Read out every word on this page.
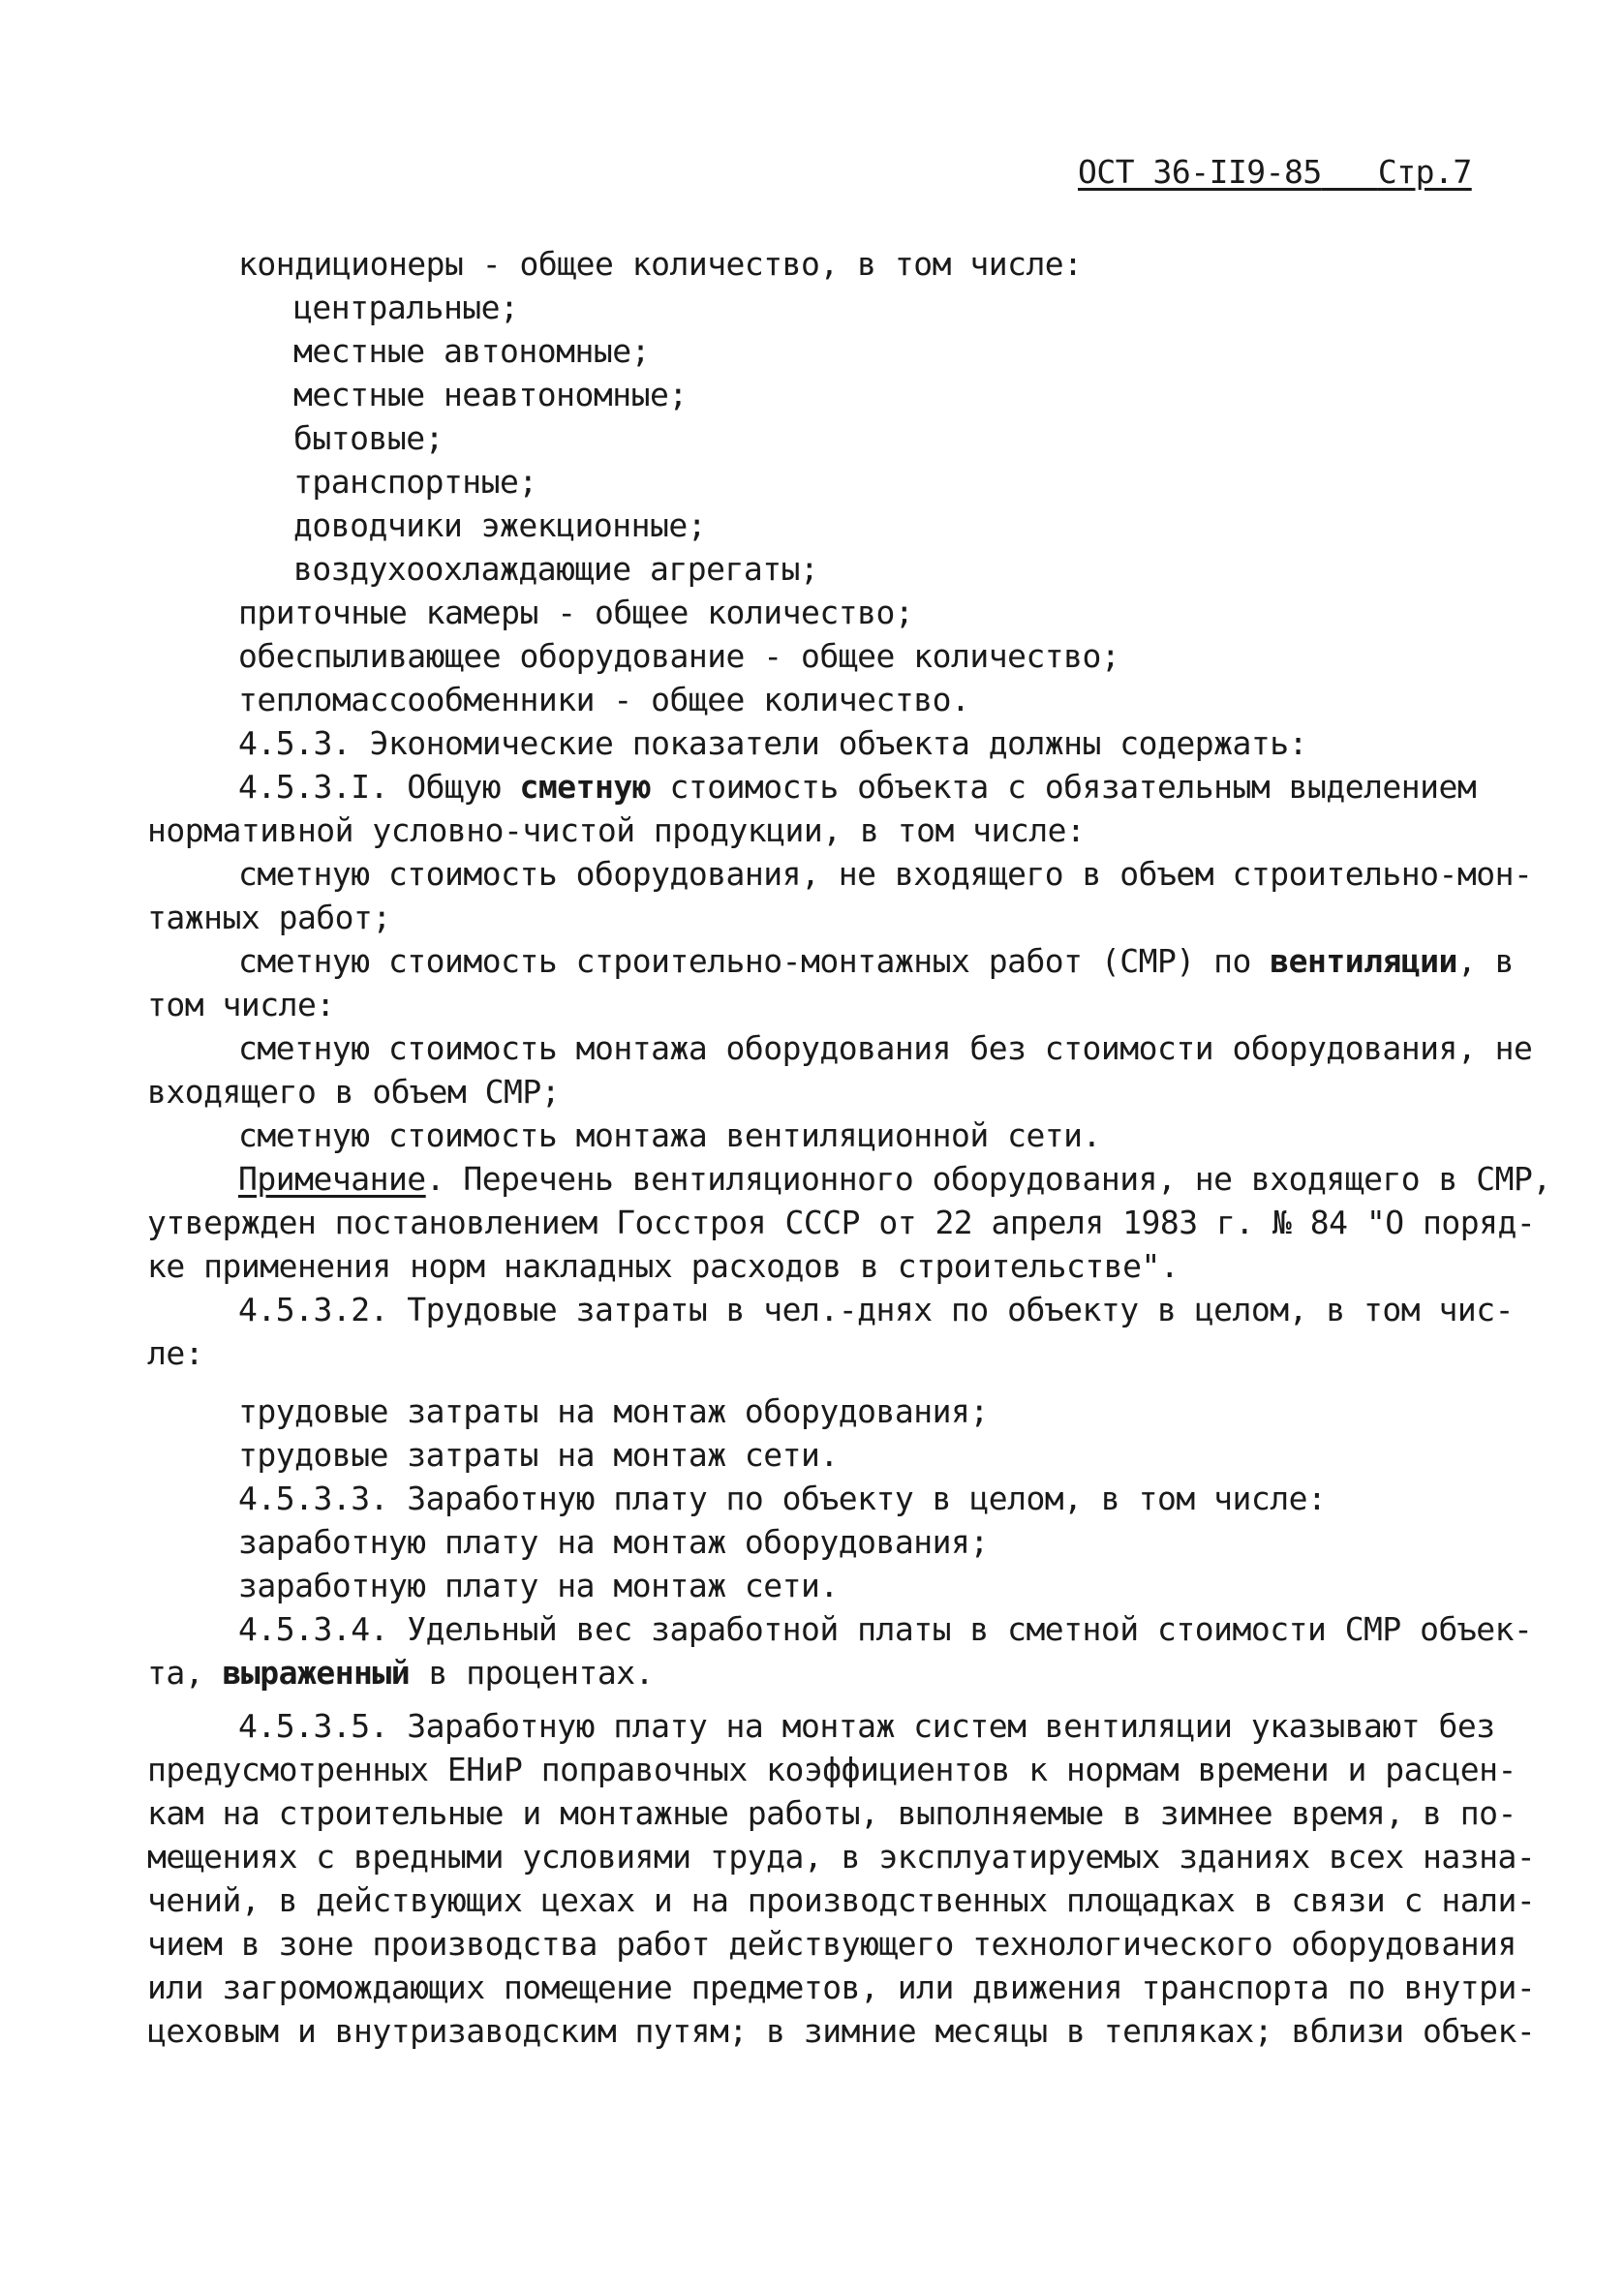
ОСТ 36-II9-85 Стр.7
кондиционеры - общее количество, в том числе:
центральные;
местные автономные;
местные неавтономные;
бытовые;
транспортные;
доводчики эжекционные;
воздухоохлаждающие агрегаты;
приточные камеры - общее количество;
обеспыливающее оборудование - общее количество;
тепломассообменники - общее количество.
4.5.3. Экономические показатели объекта должны содержать:
4.5.3.I. Общую сметную стоимость объекта с обязательным выделением
нормативной условно-чистой продукции, в том числе:
сметную стоимость оборудования, не входящего в объем строительно-мон-
тажных работ;
сметную стоимость строительно-монтажных работ (СМР) по вентиляции, в
том числе:
сметную стоимость монтажа оборудования без стоимости оборудования, не
входящего в объем СМР;
сметную стоимость монтажа вентиляционной сети.
Примечание. Перечень вентиляционного оборудования, не входящего в СМР,
утвержден постановлением Госстроя СССР от 22 апреля 1983 г. № 84 "О поряд-
ке применения норм накладных расходов в строительстве".
4.5.3.2. Трудовые затраты в чел.-днях по объекту в целом, в том чис-
ле:
трудовые затраты на монтаж оборудования;
трудовые затраты на монтаж сети.
4.5.3.3. Заработную плату по объекту в целом, в том числе:
заработную плату на монтаж оборудования;
заработную плату на монтаж сети.
4.5.3.4. Удельный вес заработной платы в сметной стоимости СМР объек-
та, выраженный в процентах.
4.5.3.5. Заработную плату на монтаж систем вентиляции указывают без
предусмотренных ЕНиР поправочных коэффициентов к нормам времени и расцен-
кам на строительные и монтажные работы, выполняемые в зимнее время, в по-
мещениях с вредными условиями труда, в эксплуатируемых зданиях всех назна-
чений, в действующих цехах и на производственных площадках в связи с нали-
чием в зоне производства работ действующего технологического оборудования
или загромождающих помещение предметов, или движения транспорта по внутри-
цеховым и внутризаводским путям; в зимние месяцы в тепляках; вблизи объек-
